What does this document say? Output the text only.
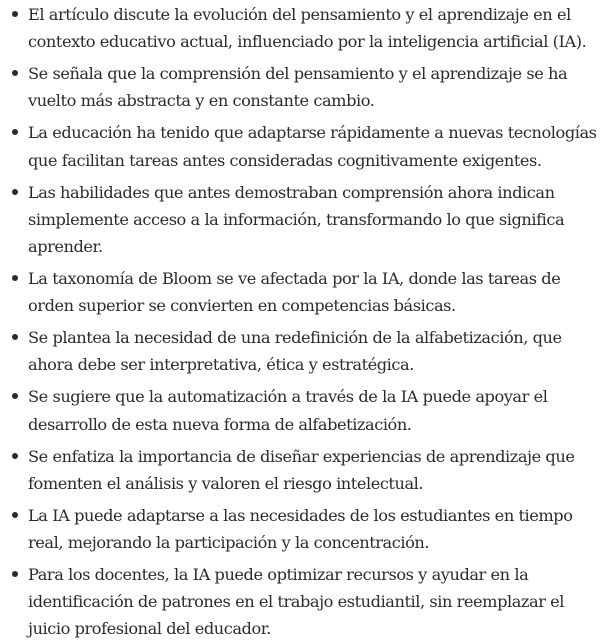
El artículo discute la evolución del pensamiento y el aprendizaje en el contexto educativo actual, influenciado por la inteligencia artificial (IA).
Se señala que la comprensión del pensamiento y el aprendizaje se ha vuelto más abstracta y en constante cambio.
La educación ha tenido que adaptarse rápidamente a nuevas tecnologías que facilitan tareas antes consideradas cognitivamente exigentes.
Las habilidades que antes demostraban comprensión ahora indican simplemente acceso a la información, transformando lo que significa aprender.
La taxonomía de Bloom se ve afectada por la IA, donde las tareas de orden superior se convierten en competencias básicas.
Se plantea la necesidad de una redefinición de la alfabetización, que ahora debe ser interpretativa, ética y estratégica.
Se sugiere que la automatización a través de la IA puede apoyar el desarrollo de esta nueva forma de alfabetización.
Se enfatiza la importancia de diseñar experiencias de aprendizaje que fomenten el análisis y valoren el riesgo intelectual.
La IA puede adaptarse a las necesidades de los estudiantes en tiempo real, mejorando la participación y la concentración.
Para los docentes, la IA puede optimizar recursos y ayudar en la identificación de patrones en el trabajo estudiantil, sin reemplazar el juicio profesional del educador.
